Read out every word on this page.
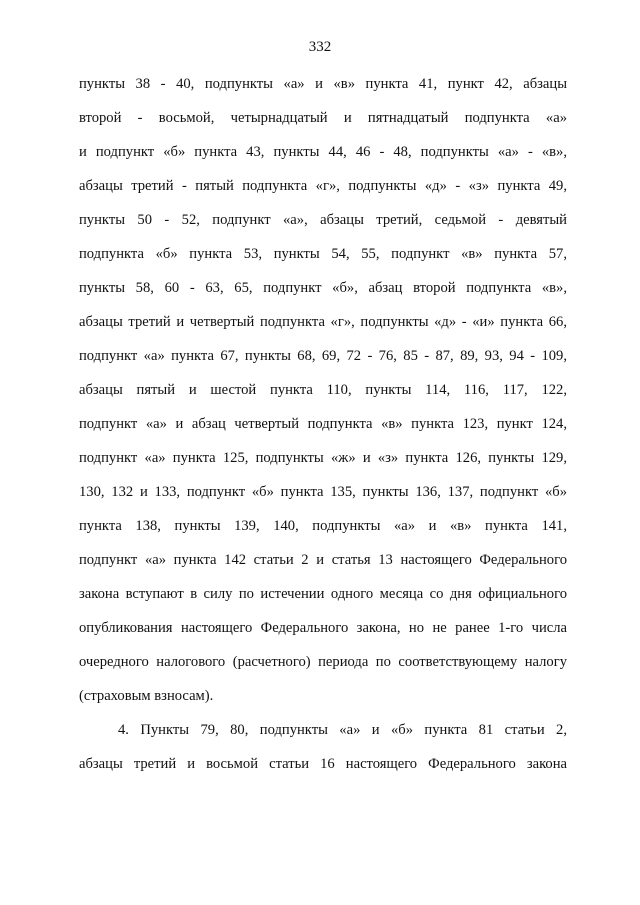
332
пункты 38 - 40, подпункты «а» и «в» пункта 41, пункт 42, абзацы
второй - восьмой, четырнадцатый и пятнадцатый подпункта «а»
и подпункт «б» пункта 43, пункты 44, 46 - 48, подпункты «а» - «в»,
абзацы третий - пятый подпункта «г», подпункты «д» - «з» пункта 49,
пункты 50 - 52, подпункт «а», абзацы третий, седьмой - девятый
подпункта «б» пункта 53, пункты 54, 55, подпункт «в» пункта 57,
пункты 58, 60 - 63, 65, подпункт «б», абзац второй подпункта «в»,
абзацы третий и четвертый подпункта «г», подпункты «д» - «и» пункта 66,
подпункт «а» пункта 67, пункты 68, 69, 72 - 76, 85 - 87, 89, 93, 94 - 109,
абзацы пятый и шестой пункта 110, пункты 114, 116, 117, 122,
подпункт «а» и абзац четвертый подпункта «в» пункта 123, пункт 124,
подпункт «а» пункта 125, подпункты «ж» и «з» пункта 126, пункты 129,
130, 132 и 133, подпункт «б» пункта 135, пункты 136, 137, подпункт «б»
пункта 138, пункты 139, 140, подпункты «а» и «в» пункта 141,
подпункт «а» пункта 142 статьи 2 и статья 13 настоящего Федерального
закона вступают в силу по истечении одного месяца со дня официального
опубликования настоящего Федерального закона, но не ранее 1-го числа
очередного налогового (расчетного) периода по соответствующему налогу
(страховым взносам).
4. Пункты 79, 80, подпункты «а» и «б» пункта 81 статьи 2,
абзацы третий и восьмой статьи 16 настоящего Федерального закона
